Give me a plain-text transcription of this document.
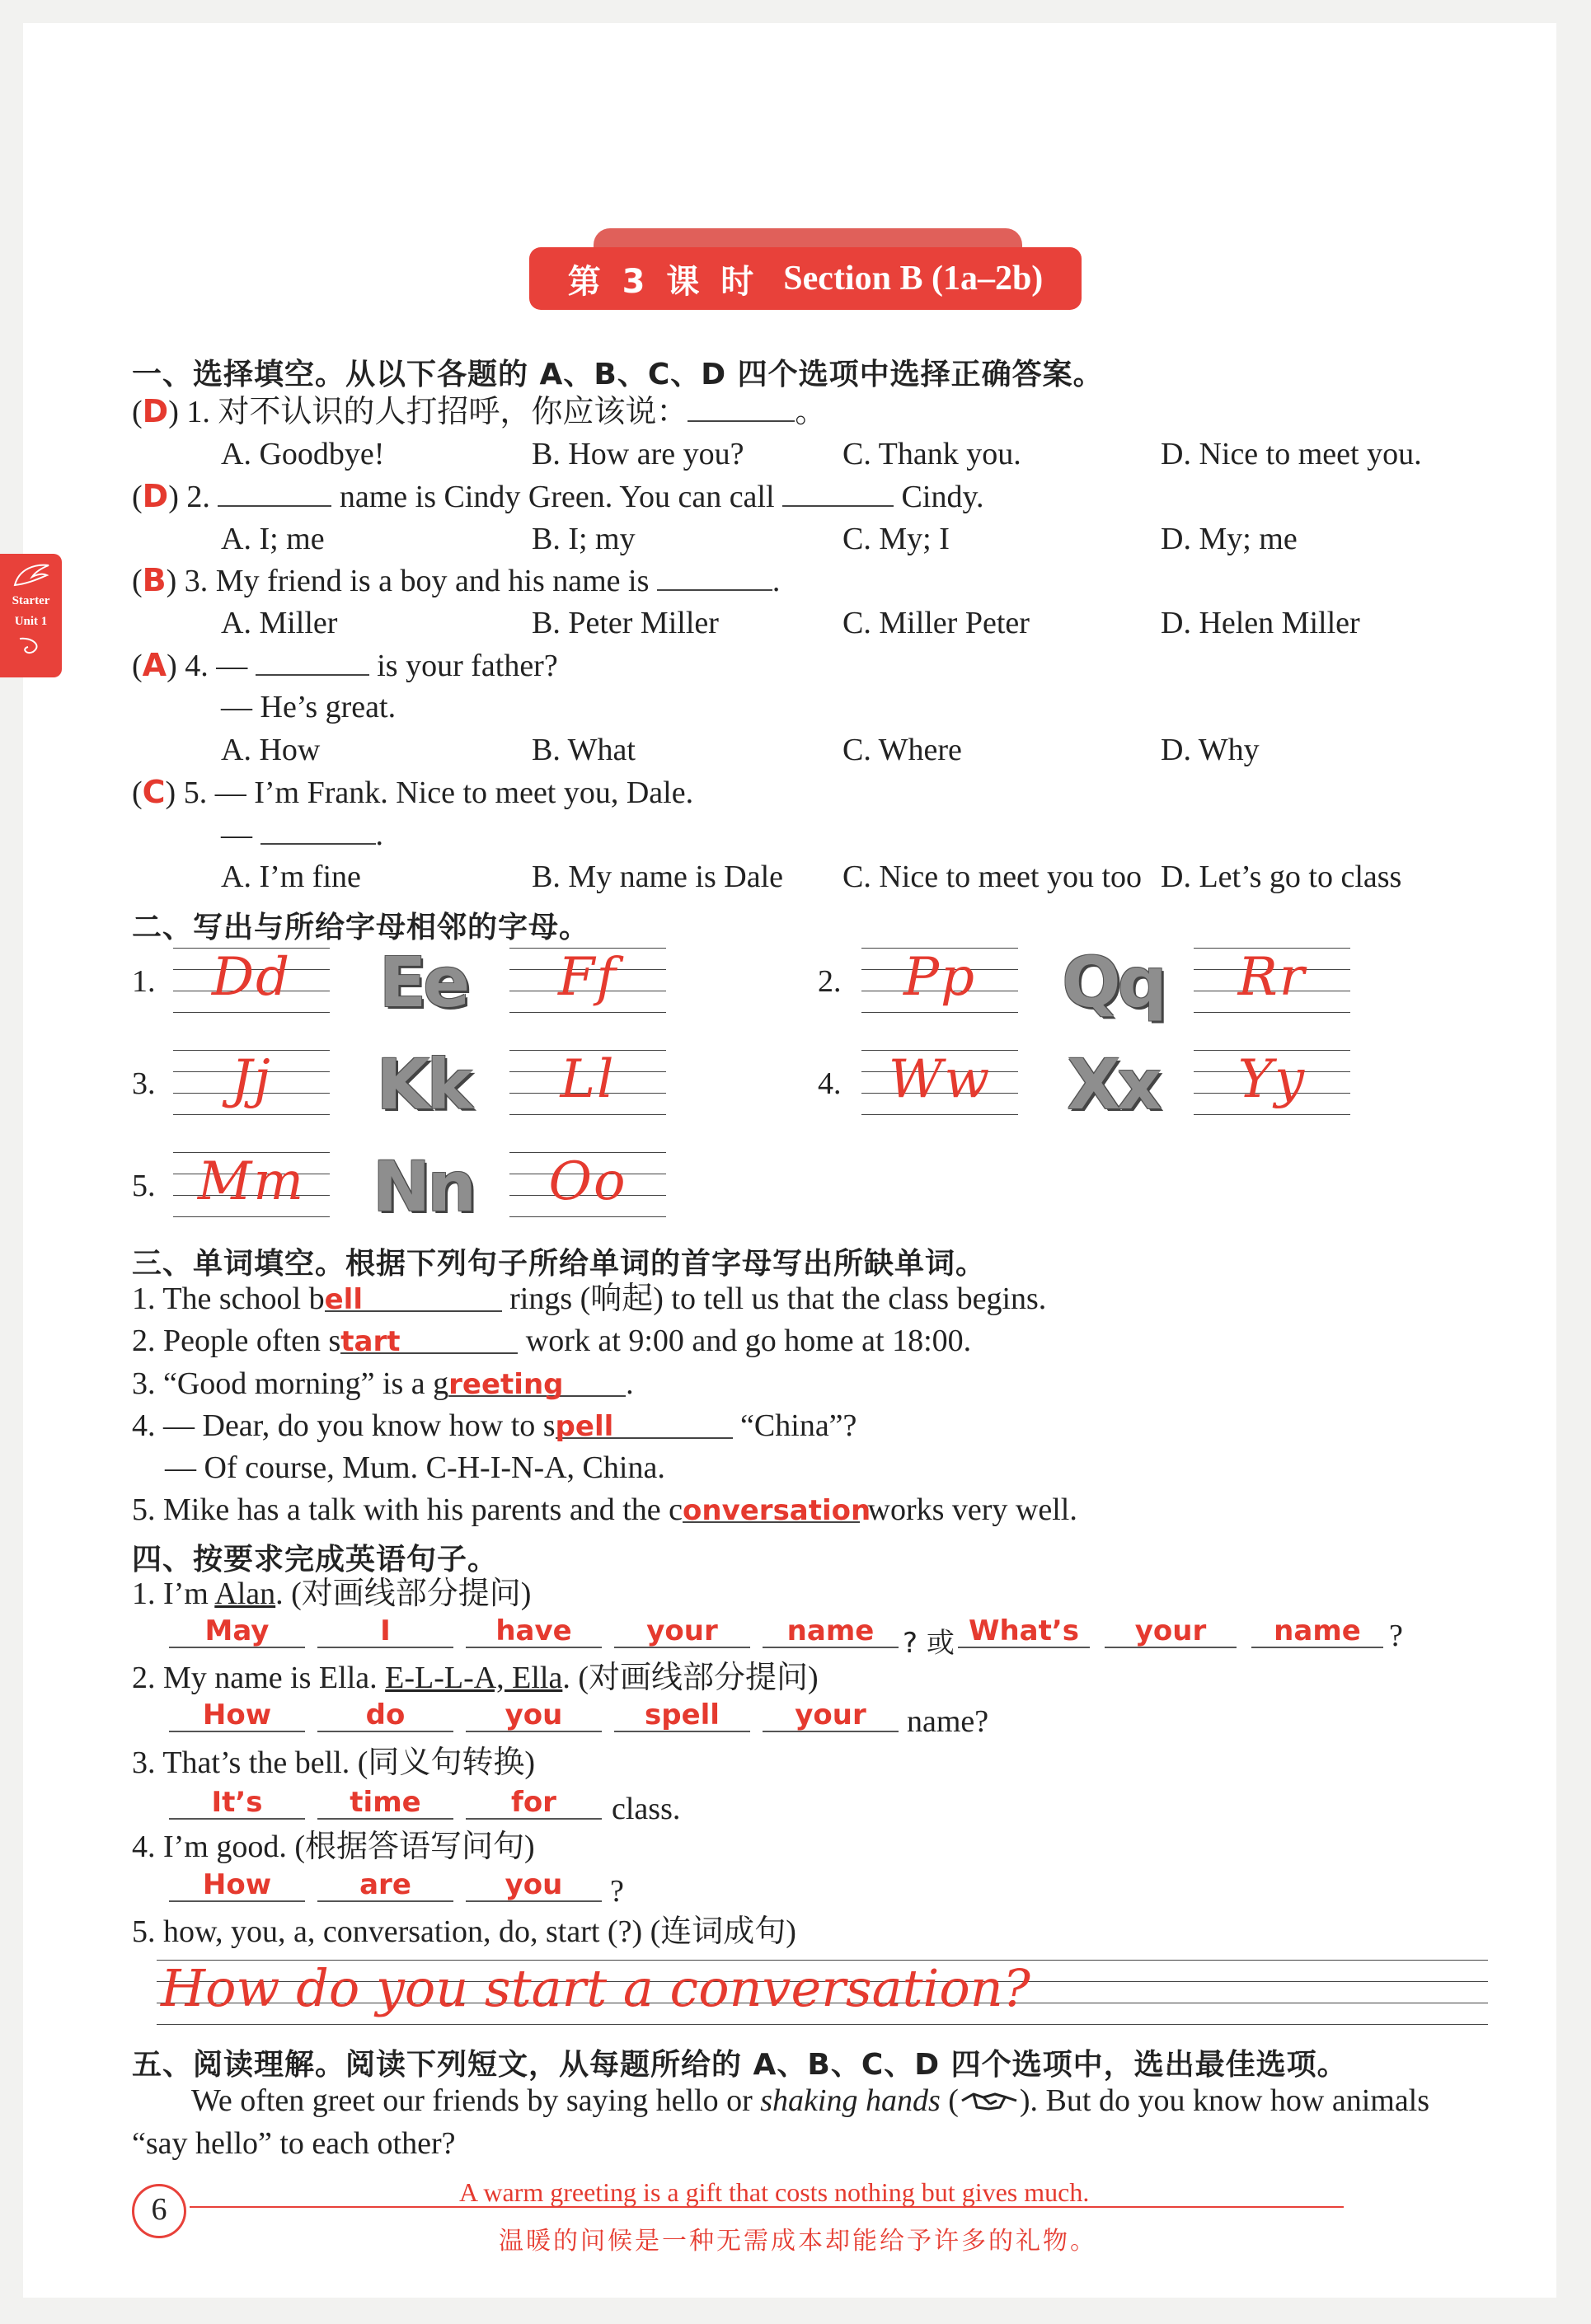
第 3 课 时 Section B (1a–2b)
Starter
Unit 1
一、选择填空。从以下各题的 A、B、C、D 四个选项中选择正确答案。
(D) 1. 对不认识的人打招呼，你应该说：	。
A. Goodbye!	B. How are you?	C. Thank you.	D. Nice to meet you.
(D) 2.	name is Cindy Green. You can call	Cindy.
A. I; me	B. I; my	C. My; I	D. My; me
(B) 3. My friend is a boy and his name is	.
A. Miller	B. Peter Miller	C. Miller Peter	D. Helen Miller
(A) 4. —	is your father?
— He’s great.
A. How	B. What	C. Where	D. Why
(C) 5. — I’m Frank. Nice to meet you, Dale.
—	.
A. I’m fine	B. My name is Dale C. Nice to meet you too D. Let’s go to class
二、写出与所给字母相邻的字母。
1.	Dd	Ee	Ff	2.	Pp	Qq	Rr
3.	Jj	Kk	Ll	4. Ww	Xx	Yy
5. Mm Nn	Oo
三、单词填空。根据下列句子所给单词的首字母写出所缺单词。
1. The school bell	rings (响起) to tell us that the class begins.
2. People often start	work at 9:00 and go home at 18:00.
3. “Good morning” is a greeting .
4. — Dear, do you know how to spell	“China”?
— Of course, Mum. C-H-I-N-A, China.
5. Mike has a talk with his parents and the conversation works very well.
四、按要求完成英语句子。
1. I’m Alan. (对画线部分提问)
May	I	have	your	name	? 或 What’s	your	name ?
2. My name is Ella. E-L-L-A, Ella. (对画线部分提问)
How	do	you	spell	your	name?
3. That’s the bell. (同义句转换)
It’s	time	for	class.
4. I’m good. (根据答语写问句)
How	are	you	?
5. how, you, a, conversation, do, start (?) (连词成句)
How do you start a conversation?
五、阅读理解。阅读下列短文，从每题所给的 A、B、C、D 四个选项中，选出最佳选项。
We often greet our friends by saying hello or shaking hands ( ). But do you know how animals
“say hello” to each other?
6	A warm greeting is a gift that costs nothing but gives much.
温暖的问候是一种无需成本却能给予许多的礼物。
